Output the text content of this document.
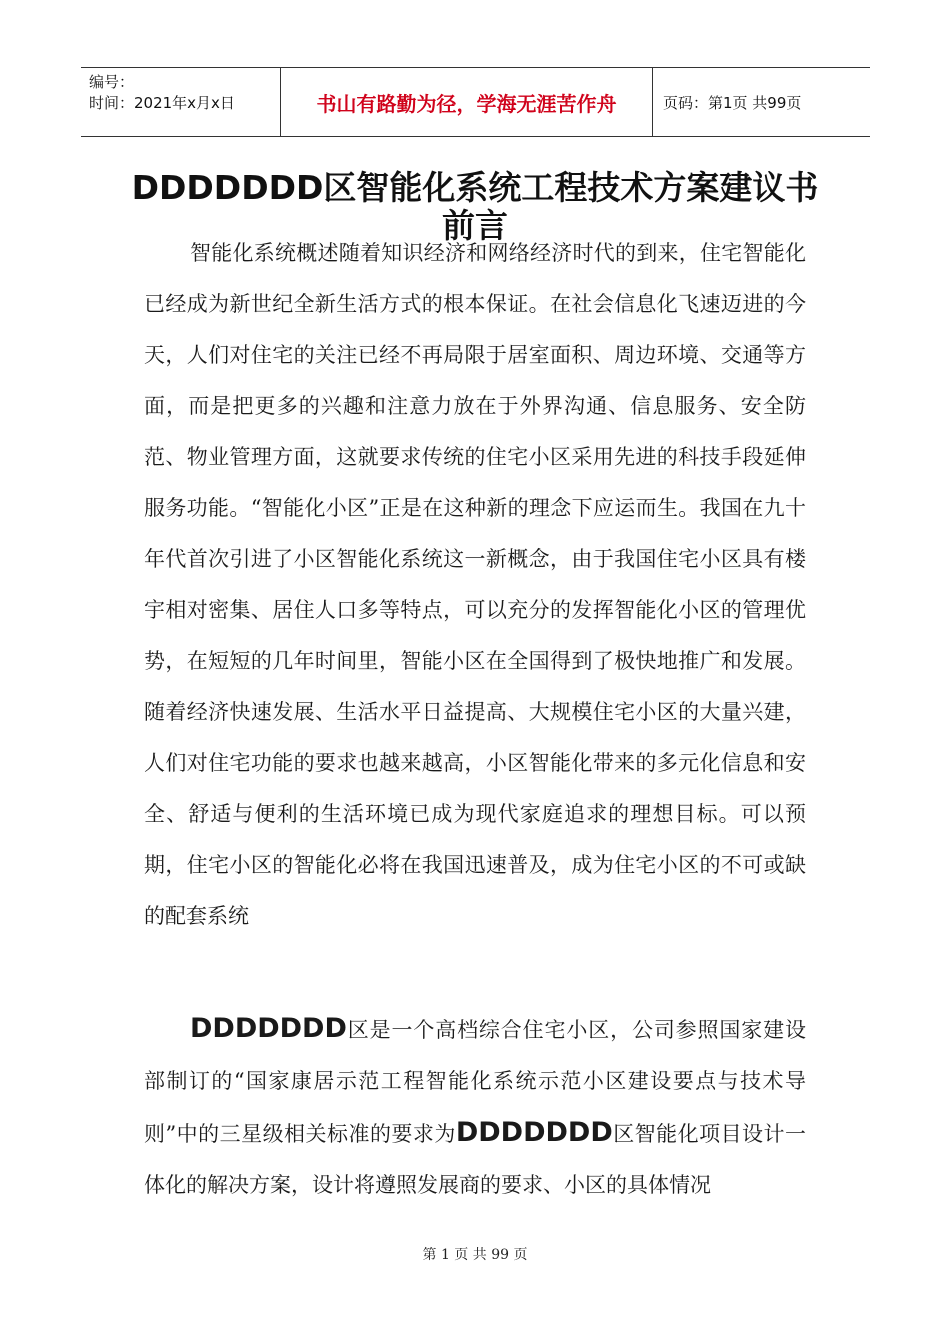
编号：
时间：2021年x月x日	书山有路勤为径，学海无涯苦作舟	页码：第1页 共99页
DDDDDDD区智能化系统工程技术方案建议书
前言

智能化系统概述随着知识经济和网络经济时代的到来，住宅智能化已经成为新世纪全新生活方式的根本保证。在社会信息化飞速迈进的今天，人们对住宅的关注已经不再局限于居室面积、周边环境、交通等方面，而是把更多的兴趣和注意力放在于外界沟通、信息服务、安全防范、物业管理方面，这就要求传统的住宅小区采用先进的科技手段延伸服务功能。“智能化小区”正是在这种新的理念下应运而生。我国在九十年代首次引进了小区智能化系统这一新概念，由于我国住宅小区具有楼宇相对密集、居住人口多等特点，可以充分的发挥智能化小区的管理优势，在短短的几年时间里，智能小区在全国得到了极快地推广和发展。随着经济快速发展、生活水平日益提高、大规模住宅小区的大量兴建，人们对住宅功能的要求也越来越高，小区智能化带来的多元化信息和安全、舒适与便利的生活环境已成为现代家庭追求的理想目标。可以预期，住宅小区的智能化必将在我国迅速普及，成为住宅小区的不可或缺的配套系统

DDDDDDD区是一个高档综合住宅小区，公司参照国家建设部制订的“国家康居示范工程智能化系统示范小区建设要点与技术导则”中的三星级相关标准的要求为DDDDDDD区智能化项目设计一体化的解决方案，设计将遵照发展商的要求、小区的具体情况

第 1 页 共 99 页
